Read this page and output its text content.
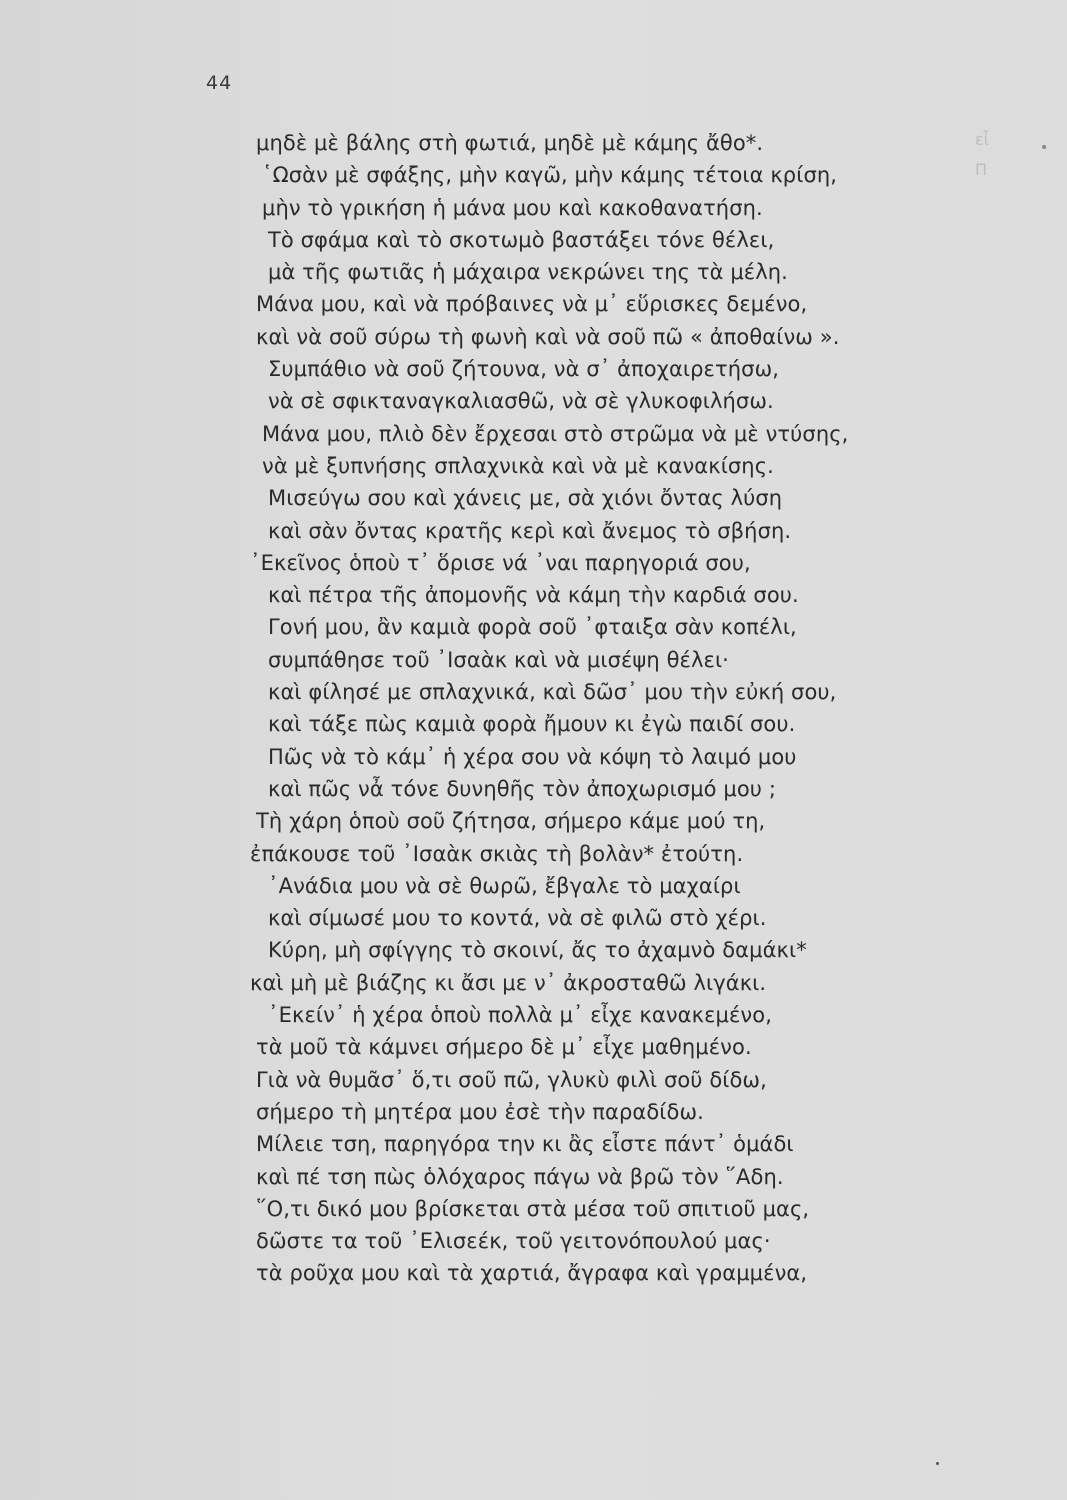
εἶ
Π
•
44
μηδὲ μὲ βάλης στὴ φωτιά, μηδὲ μὲ κάμης ἄθο*.
῾Ωσὰν μὲ σφάξης, μὴν καγῶ, μὴν κάμης τέτοια κρίση,
μὴν τὸ γρικήση ἡ μάνα μου καὶ κακοθανατήση.
Τὸ σφάμα καὶ τὸ σκοτωμὸ βαστάξει τόνε θέλει,
μὰ τῆς φωτιᾶς ἡ μάχαιρα νεκρώνει της τὰ μέλη.
Μάνα μου, καὶ νὰ πρόβαινες νὰ μ᾽ εὕρισκες δεμένο,
καὶ νὰ σοῦ σύρω τὴ φωνὴ καὶ νὰ σοῦ πῶ « ἀποθαίνω ».
Συμπάθιο νὰ σοῦ ζήτουνα, νὰ σ᾽ ἀποχαιρετήσω,
νὰ σὲ σφικταναγκαλιασθῶ, νὰ σὲ γλυκοφιλήσω.
Μάνα μου, πλιὸ δὲν ἔρχεσαι στὸ στρῶμα νὰ μὲ ντύσης,
νὰ μὲ ξυπνήσης σπλαχνικὰ καὶ νὰ μὲ κανακίσης.
Μισεύγω σου καὶ χάνεις με, σὰ χιόνι ὄντας λύση
καὶ σὰν ὄντας κρατῆς κερὶ καὶ ἄνεμος τὸ σβήση.
᾽Εκεῖνος ὁποὺ τ᾽ ὅρισε νά ᾽ναι παρηγοριά σου,
καὶ πέτρα τῆς ἀπομονῆς νὰ κάμη τὴν καρδιά σου.
Γονή μου, ἂν καμιὰ φορὰ σοῦ ᾽φταιξα σὰν κοπέλι,
συμπάθησε τοῦ ᾽Ισαὰκ καὶ νὰ μισέψη θέλει·
καὶ φίλησέ με σπλαχνικά, καὶ δῶσ᾽ μου τὴν εὐκή σου,
καὶ τάξε πὼς καμιὰ φορὰ ἤμουν κι ἐγὼ παιδί σου.
Πῶς νὰ τὸ κάμ᾽ ἡ χέρα σου νὰ κόψη τὸ λαιμό μου
καὶ πῶς νἆ τόνε δυνηθῆς τὸν ἀποχωρισμό μου ;
Τὴ χάρη ὁποὺ σοῦ ζήτησα, σήμερο κάμε μού τη,
ἐπάκουσε τοῦ ᾽Ισαὰκ σκιὰς τὴ βολὰν* ἐτούτη.
᾽Ανάδια μου νὰ σὲ θωρῶ, ἔβγαλε τὸ μαχαίρι
καὶ σίμωσέ μου το κοντά, νὰ σὲ φιλῶ στὸ χέρι.
Κύρη, μὴ σφίγγης τὸ σκοινί, ἄς το ἀχαμνὸ δαμάκι*
καὶ μὴ μὲ βιάζης κι ἄσι με ν᾽ ἀκροσταθῶ λιγάκι.
᾽Εκείν᾽ ἡ χέρα ὁποὺ πολλὰ μ᾽ εἶχε κανακεμένο,
τὰ μοῦ τὰ κάμνει σήμερο δὲ μ᾽ εἶχε μαθημένο.
Γιὰ νὰ θυμᾶσ᾽ ὅ,τι σοῦ πῶ, γλυκὺ φιλὶ σοῦ δίδω,
σήμερο τὴ μητέρα μου ἐσὲ τὴν παραδίδω.
Μίλειε τση, παρηγόρα την κι ἂς εἶστε πάντ᾽ ὁμάδι
καὶ πέ τση πὼς ὁλόχαρος πάγω νὰ βρῶ τὸν ῞Αδη.
῞Ο,τι δικό μου βρίσκεται στὰ μέσα τοῦ σπιτιοῦ μας,
δῶστε τα τοῦ ᾽Ελισεέκ, τοῦ γειτονόπουλού μας·
τὰ ροῦχα μου καὶ τὰ χαρτιά, ἄγραφα καὶ γραμμένα,
